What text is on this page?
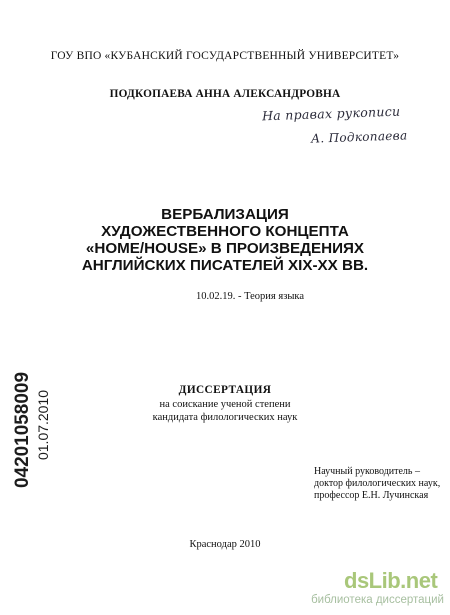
ГОУ ВПО «КУБАНСКИЙ ГОСУДАРСТВЕННЫЙ УНИВЕРСИТЕТ»
ПОДКОПАЕВА АННА АЛЕКСАНДРОВНА
На правах рукописи
А. Подкопаева
ВЕРБАЛИЗАЦИЯ
ХУДОЖЕСТВЕННОГО КОНЦЕПТА
«HOME/HOUSE» В ПРОИЗВЕДЕНИЯХ
АНГЛИЙСКИХ ПИСАТЕЛЕЙ XIX-XX ВВ.
10.02.19. - Теория языка
ДИССЕРТАЦИЯ
на соискание ученой степени
кандидата филологических наук
Научный руководитель –
доктор филологических наук,
профессор Е.Н. Лучинская
Краснодар 2010
04201058009 01.07.2010
dsLib.net
библиотека диссертаций
